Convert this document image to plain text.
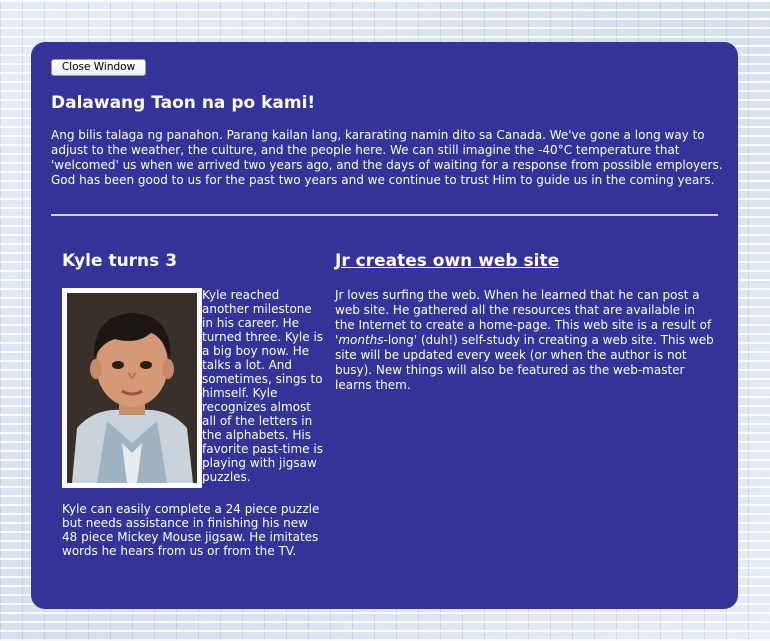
Close Window
Dalawang Taon na po kami!

Ang bilis talaga ng panahon. Parang kailan lang, kararating namin dito sa Canada. We've gone a long way to adjust to the weather, the culture, and the people here. We can still imagine the -40°C temperature that 'welcomed' us when we arrived two years ago, and the days of waiting for a response from possible employers. God has been good to us for the past two years and we continue to trust Him to guide us in the coming years.

Kyle turns 3

Kyle reached another milestone in his career. He turned three. Kyle is a big boy now. He talks a lot. And sometimes, sings to himself. Kyle recognizes almost all of the letters in the alphabets. His favorite past-time is playing with jigsaw puzzles.

Kyle can easily complete a 24 piece puzzle but needs assistance in finishing his new 48 piece Mickey Mouse jigsaw. He imitates words he hears from us or from the TV.

Jr creates own web site

Jr loves surfing the web. When he learned that he can post a web site. He gathered all the resources that are available in the Internet to create a home-page. This web site is a result of 'months-long' (duh!) self-study in creating a web site. This web site will be updated every week (or when the author is not busy). New things will also be featured as the web-master learns them.
